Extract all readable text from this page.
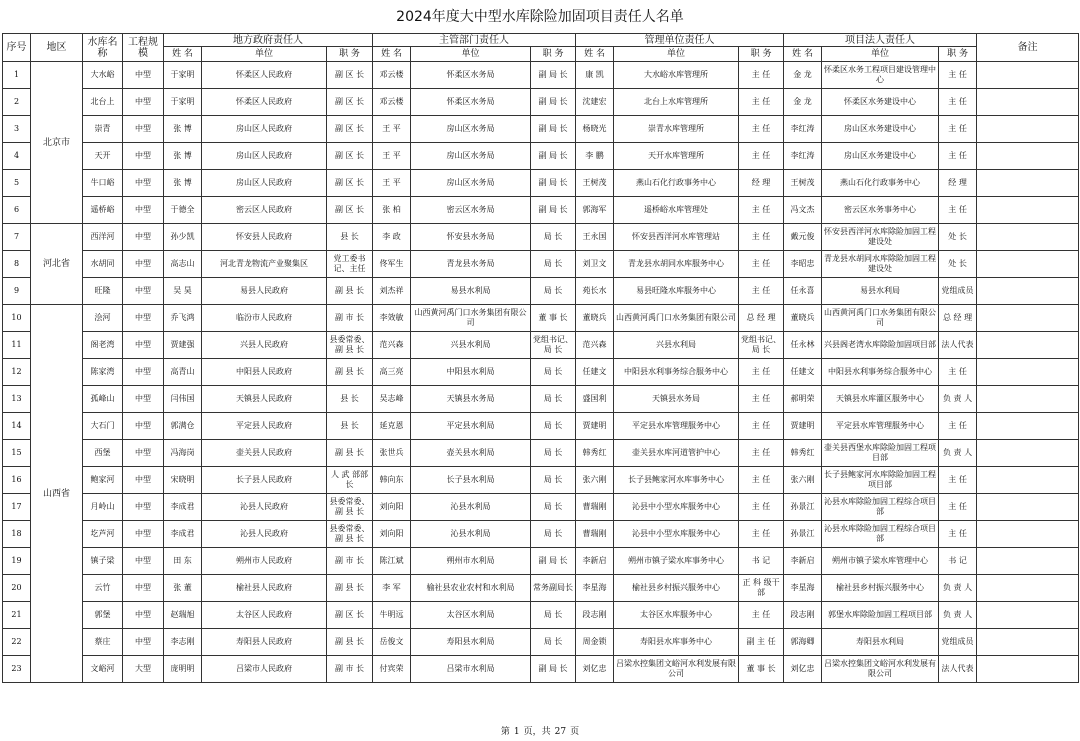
2024年度大中型水库除险加固项目责任人名单
序号	地区	水库名称	工程规模	地方政府责任人			主管部门责任人			管理单位责任人			项目法人责任人			备注
				姓 名	单位	职 务	姓 名	单位	职 务	姓 名	单位	职 务	姓 名	单位	职 务	
1	北京市	大水峪	中型	于家明	怀柔区人民政府	副 区 长	邓云楼	怀柔区水务局	副 局 长	康 凯	大水峪水库管理所	主 任	金 龙	怀柔区水务工程项目建设管理中心	主 任	
2		北台上	中型	于家明	怀柔区人民政府	副 区 长	邓云楼	怀柔区水务局	副 局 长	沈建宏	北台上水库管理所	主 任	金 龙	怀柔区水务建设中心	主 任	
3		崇青	中型	张 博	房山区人民政府	副 区 长	王 平	房山区水务局	副 局 长	杨晓光	崇青水库管理所	主 任	李红涛	房山区水务建设中心	主 任	
4		天开	中型	张 博	房山区人民政府	副 区 长	王 平	房山区水务局	副 局 长	李 鹏	天开水库管理所	主 任	李红涛	房山区水务建设中心	主 任	
5		牛口峪	中型	张 博	房山区人民政府	副 区 长	王 平	房山区水务局	副 局 长	王树茂	燕山石化行政事务中心	经 理	王树茂	燕山石化行政事务中心	经 理	
6		遥桥峪	中型	于德全	密云区人民政府	副 区 长	张 柏	密云区水务局	副 局 长	郭海军	遥桥峪水库管理处	主 任	冯文杰	密云区水务事务中心	主 任	
7	河北省	西洋河	中型	孙少凯	怀安县人民政府	县 长	李 政	怀安县水务局	局 长	王永国	怀安县西洋河水库管理站	主 任	戴元俊	怀安县西洋河水库除险加固工程建设处	处 长	
8		水胡同	中型	高志山	河北青龙物流产业聚集区	党工委书记、主任	佟军生	青龙县水务局	局 长	刘卫文	青龙县水胡同水库服务中心	主 任	李昭忠	青龙县水胡同水库除险加固工程建设处	处 长	
9		旺隆	中型	吴 昊	易县人民政府	副 县 长	刘杰祥	易县水利局	局 长	苑长水	易县旺隆水库服务中心	主 任	任永喜	易县水利局	党组成员	
10	山西省	浍河	中型	乔飞鸿	临汾市人民政府	副 市 长	李效敏	山西黄河禹门口水务集团有限公司	董 事 长	董晓兵	山西黄河禹门口水务集团有限公司	总 经 理	董晓兵	山西黄河禹门口水务集团有限公司	总 经 理	
11		阁老湾	中型	贾建强	兴县人民政府	县委常委、副 县 长	范兴森	兴县水利局	党组书记、局 长	范兴森	兴县水利局	党组书记、局 长	任永林	兴县阁老湾水库除险加固项目部	法人代表	
12		陈家湾	中型	高青山	中阳县人民政府	副 县 长	高三亮	中阳县水利局	局 长	任建文	中阳县水利事务综合服务中心	主 任	任建文	中阳县水利事务综合服务中心	主 任	
13		孤峰山	中型	闫伟国	天镇县人民政府	县 长	吴志峰	天镇县水务局	局 长	盛国利	天镇县水务局	主 任	郝明荣	天镇县水库灌区服务中心	负 责 人	
14		大石门	中型	郭满仓	平定县人民政府	县 长	延克恩	平定县水利局	局 长	贾建明	平定县水库管理服务中心	主 任	贾建明	平定县水库管理服务中心	主 任	
15		西堡	中型	冯海岗	壶关县人民政府	副 县 长	张世兵	壶关县水利局	局 长	韩秀红	壶关县水库河道管护中心	主 任	韩秀红	壶关县西堡水库除险加固工程项目部	负 责 人	
16		鲍家河	中型	宋晓明	长子县人民政府	人 武 部部 长	韩向东	长子县水利局	局 长	张六刚	长子县鲍家河水库事务中心	主 任	张六刚	长子县鲍家河水库除险加固工程项目部	主 任	
17		月岭山	中型	李成君	沁县人民政府	县委常委、副 县 长	刘向阳	沁县水利局	局 长	曹瑞刚	沁县中小型水库服务中心	主 任	孙景江	沁县水库除险加固工程综合项目部	主 任	
18		圪芦河	中型	李成君	沁县人民政府	县委常委、副 县 长	刘向阳	沁县水利局	局 长	曹瑞刚	沁县中小型水库服务中心	主 任	孙景江	沁县水库除险加固工程综合项目部	主 任	
19		镇子梁	中型	田 东	朔州市人民政府	副 市 长	陈江斌	朔州市水利局	副 局 长	李新启	朔州市镇子梁水库事务中心	书 记	李新启	朔州市镇子梁水库管理中心	书 记	
20		云竹	中型	张 董	榆社县人民政府	副 县 长	李 军	榆社县农业农村和水利局	常务副局长	李星海	榆社县乡村振兴服务中心	正 科 级干 部	李星海	榆社县乡村振兴服务中心	负 责 人	
21		郭堡	中型	赵瑞旭	太谷区人民政府	副 区 长	牛明远	太谷区水利局	局 长	段志刚	太谷区水库服务中心	主 任	段志刚	郭堡水库除险加固工程项目部	负 责 人	
22		蔡庄	中型	李志刚	寿阳县人民政府	副 县 长	岳俊文	寿阳县水利局	局 长	周金锁	寿阳县水库事务中心	副 主 任	郭海卿	寿阳县水利局	党组成员	
23		文峪河	大型	庞明明	吕梁市人民政府	副 市 长	付宾荣	吕梁市水利局	副 局 长	刘亿忠	吕梁水控集团文峪河水利发展有限公司	董 事 长	刘亿忠	吕梁水控集团文峪河水利发展有限公司	法人代表	
第 1 页，共 27 页
